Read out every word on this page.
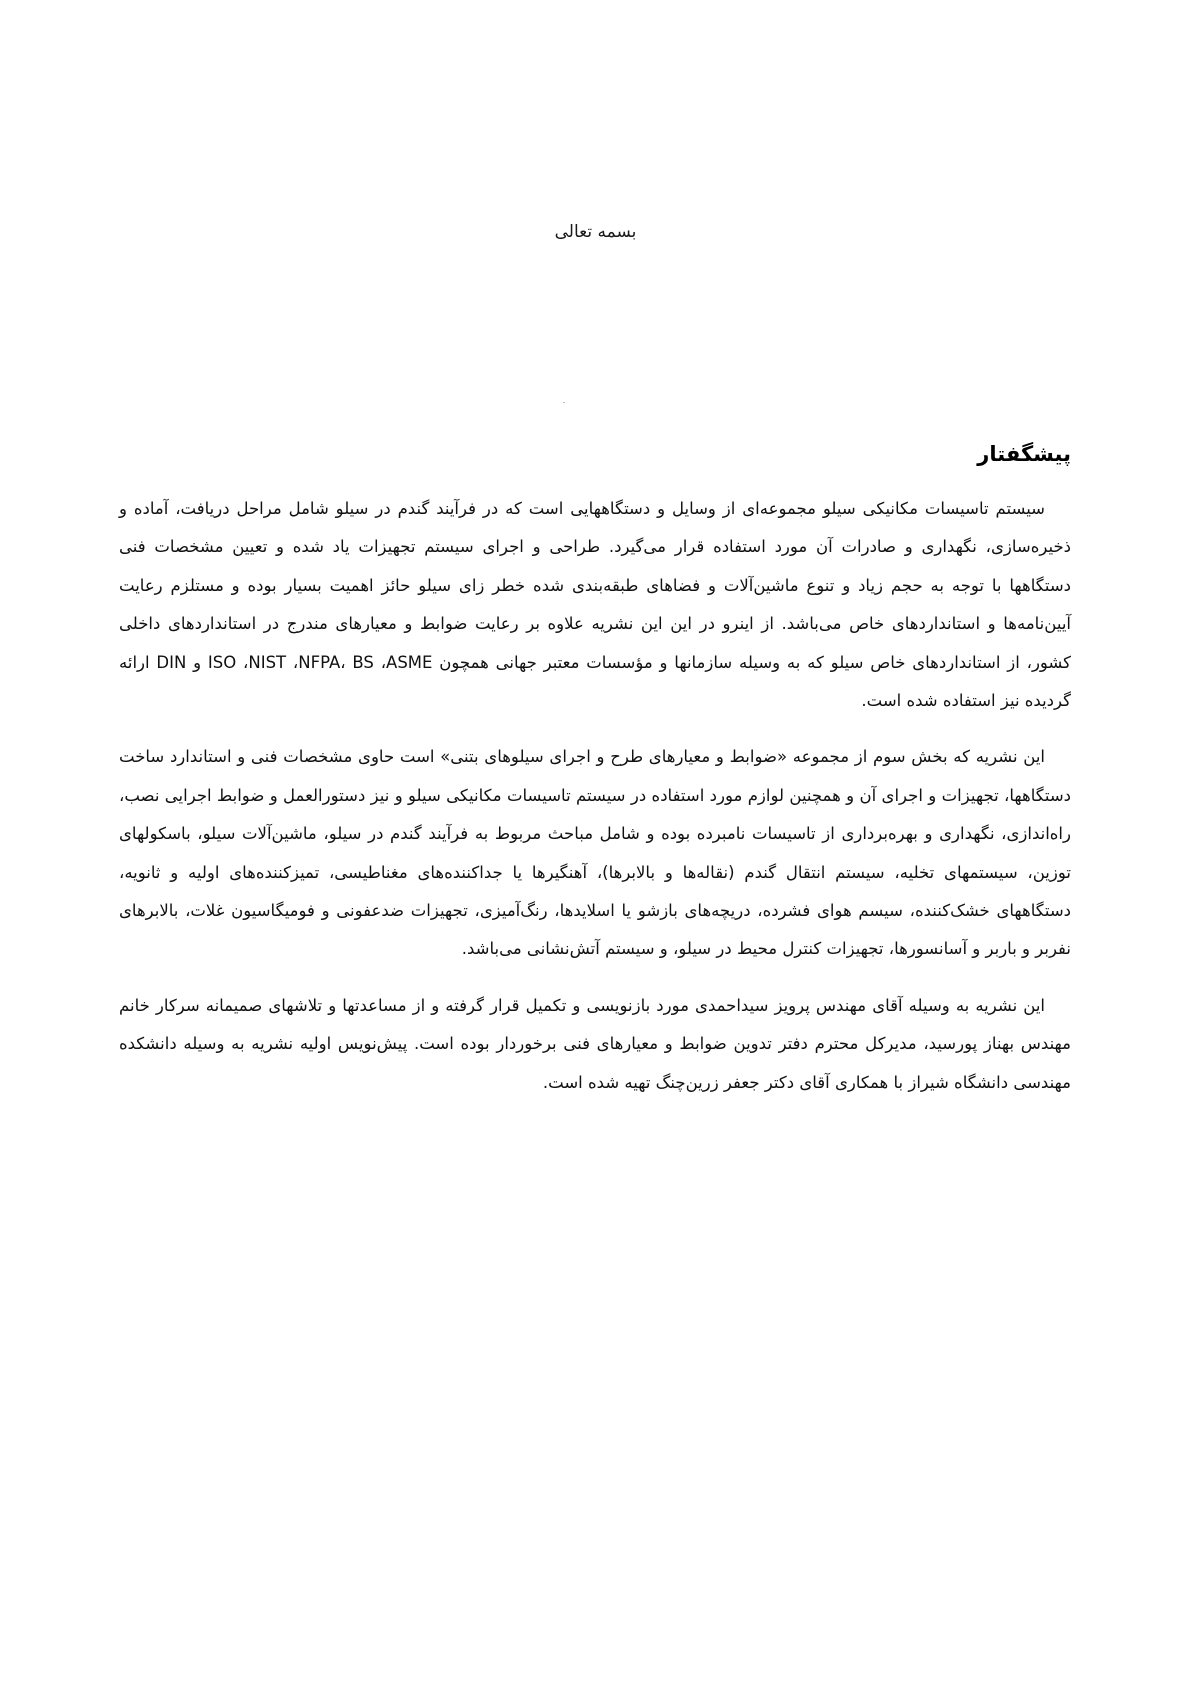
بسمه تعالی
پیشگفتار

سیستم تاسیسات مکانیکی سیلو مجموعه‌ای از وسایل و دستگاههایی است که در فرآیند گندم در سیلو شامل مراحل دریافت، آماده و ذخیره‌سازی، نگهداری و صادرات آن مورد استفاده قرار می‌گیرد. طراحی و اجرای سیستم تجهیزات یاد شده و تعیین مشخصات فنی دستگاهها با توجه به حجم زیاد و تنوع ماشین‌آلات و فضاهای طبقه‌بندی شده خطر زای سیلو حائز اهمیت بسیار بوده و مستلزم رعایت آیین‌نامه‌ها و استانداردهای خاص می‌باشد. از اینرو در این این نشریه علاوه بر رعایت ضوابط و معیارهای مندرج در استانداردهای داخلی کشور، از استانداردهای خاص سیلو که به وسیله سازمانها و مؤسسات معتبر جهانی همچون ISO ،NIST ،NFPA، BS ،ASME و DIN ارائه گردیده نیز استفاده شده است.

این نشریه که بخش سوم از مجموعه «ضوابط و معیارهای طرح و اجرای سیلوهای بتنی» است حاوی مشخصات فنی و استاندارد ساخت دستگاهها، تجهیزات و اجرای آن و همچنین لوازم مورد استفاده در سیستم تاسیسات مکانیکی سیلو و نیز دستورالعمل و ضوابط اجرایی نصب، راه‌اندازی، نگهداری و بهره‌برداری از تاسیسات نامبرده بوده و شامل مباحث مربوط به فرآیند گندم در سیلو، ماشین‌آلات سیلو، باسکولهای توزین، سیستمهای تخلیه، سیستم انتقال گندم (نقاله‌ها و بالابرها)، آهنگیرها یا جداکننده‌های مغناطیسی، تمیزکننده‌های اولیه و ثانویه، دستگاههای خشک‌کننده، سیسم هوای فشرده، دریچه‌های بازشو یا اسلایدها، رنگ‌آمیزی، تجهیزات ضدعفونی و فومیگاسیون غلات، بالابرهای نفربر و باربر و آسانسورها، تجهیزات کنترل محیط در سیلو، و سیستم آتش‌نشانی می‌باشد.

این نشریه به وسیله آقای مهندس پرویز سیداحمدی مورد بازنویسی و تکمیل قرار گرفته و از مساعدتها و تلاشهای صمیمانه سرکار خانم مهندس بهناز پورسید، مدیرکل محترم دفتر تدوین ضوابط و معیارهای فنی برخوردار بوده است. پیش‌نویس اولیه نشریه به وسیله دانشکده مهندسی دانشگاه شیراز با همکاری آقای دکتر جعفر زرین‌چنگ تهیه شده است.
